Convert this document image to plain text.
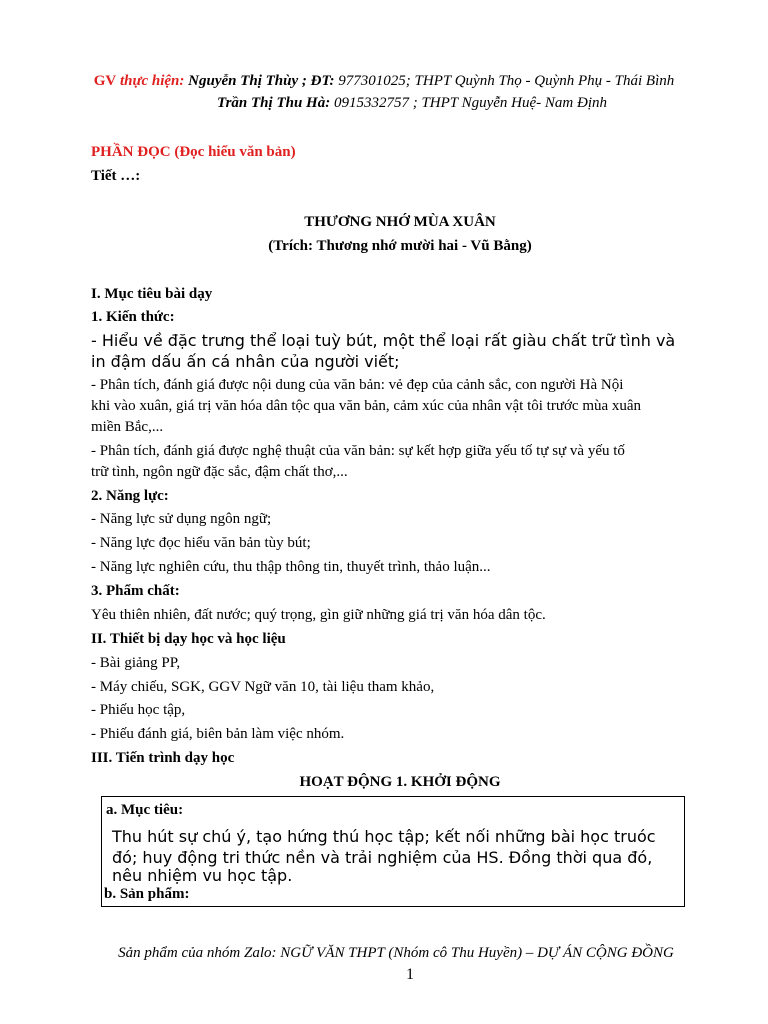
GV thực hiện: Nguyễn Thị Thùy ; ĐT: 977301025; THPT Quỳnh Thọ - Quỳnh Phụ - Thái Bình
Trần Thị Thu Hà: 0915332757 ; THPT Nguyễn Huệ- Nam Định
PHẦN ĐỌC (Đọc hiểu văn bản)
Tiết …:
THƯƠNG NHỚ MÙA XUÂN
(Trích: Thương nhớ mười hai - Vũ Bằng)
I. Mục tiêu bài dạy
1. Kiến thức:
- Hiểu về đặc trưng thể loại tuỳ bút, một thể loại rất giàu chất trữ tình và
in đậm dấu ấn cá nhân của người viết;
- Phân tích, đánh giá được nội dung của văn bản: vẻ đẹp của cảnh sắc, con người Hà Nội
khi vào xuân, giá trị văn hóa dân tộc qua văn bản, cảm xúc của nhân vật tôi trước mùa xuân
miền Bắc,...
- Phân tích, đánh giá được nghệ thuật của văn bản: sự kết hợp giữa yếu tố tự sự và yếu tố
trữ tình, ngôn ngữ đặc sắc, đậm chất thơ,...
2. Năng lực:
- Năng lực sử dụng ngôn ngữ;
- Năng lực đọc hiểu văn bản tùy bút;
- Năng lực nghiên cứu, thu thập thông tin, thuyết trình, thảo luận...
3. Phẩm chất:
Yêu thiên nhiên, đất nước; quý trọng, gìn giữ những giá trị văn hóa dân tộc.
II. Thiết bị dạy học và học liệu
- Bài giảng PP,
- Máy chiếu, SGK, GGV Ngữ văn 10, tài liệu tham khảo,
- Phiếu học tập,
- Phiếu đánh giá, biên bản làm việc nhóm.
III. Tiến trình dạy học
HOẠT ĐỘNG 1. KHỞI ĐỘNG
a. Mục tiêu:
Thu hút sự chú ý, tạo hứng thú học tập; kết nối những bài học truóc
đó; huy động tri thức nền và trải nghiệm của HS. Đồng thời qua đó,
nêu nhiệm vu học tập.
b. Sản phẩm:
Sản phẩm của nhóm Zalo: NGỮ VĂN THPT (Nhóm cô Thu Huyền) – DỰ ÁN CỘNG ĐỒNG
1
